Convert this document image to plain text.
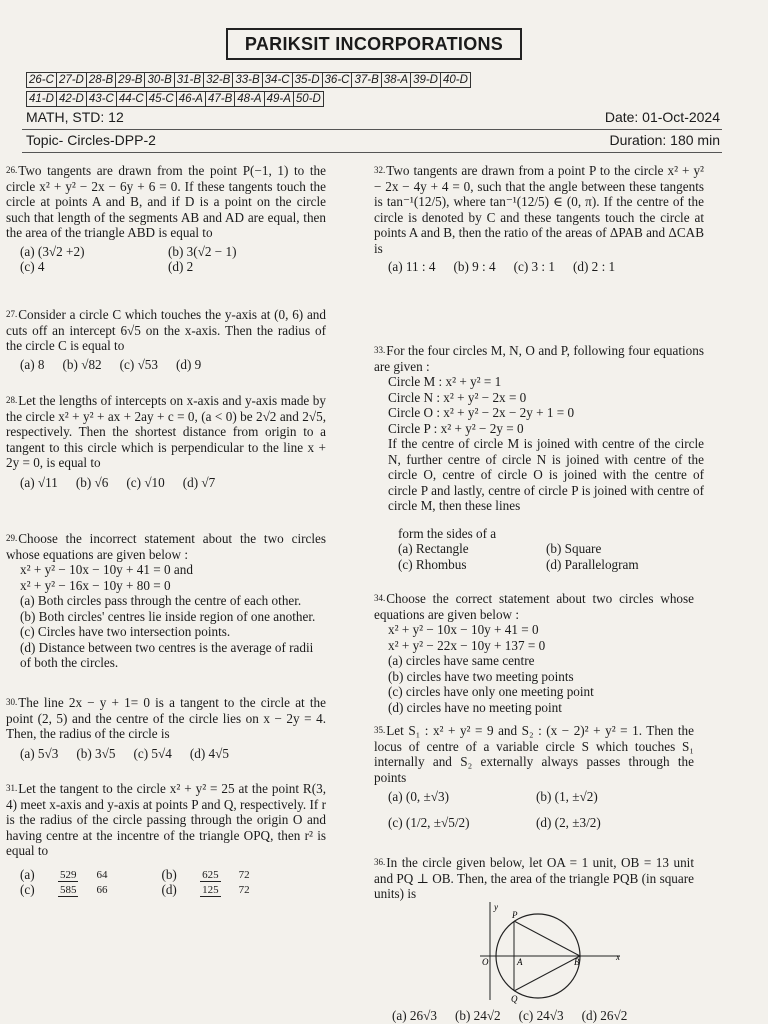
PARIKSIT INCORPORATIONS
26-C 27-D 28-B 29-B 30-B 31-B 32-B 33-B 34-C 35-D 36-C 37-B 38-A 39-D 40-D
41-D 42-D 43-C 44-C 45-C 46-A 47-B 48-A 49-A 50-D
MATH, STD: 12	Date: 01-Oct-2024
Topic- Circles-DPP-2	Duration: 180 min
$^{26.}$Two tangents are drawn from the point P(−1, 1) to the circle x² + y² − 2x − 6y + 6 = 0. If these tangents touch the circle at points A and B, and if D is a point on the circle such that length of the segments AB and AD are equal, then the area of the triangle ABD is equal to
(a) (3√2 +2)	(b) 3(√2 − 1)
(c) 4	(d) 2
$^{27.}$Consider a circle C which touches the y-axis at (0, 6) and cuts off an intercept 6√5 on the x-axis. Then the radius of the circle C is equal to
(a) 8 (b) √82 (c) √53 (d) 9
$^{28.}$Let the lengths of intercepts on x-axis and y-axis made by the circle x² + y² + ax + 2ay + c = 0, (a < 0) be 2√2 and 2√5, respectively. Then the shortest distance from origin to a tangent to this circle which is perpendicular to the line x + 2y = 0, is equal to
(a) √11 (b) √6 (c) √10 (d) √7
$^{29.}$Choose the incorrect statement about the two circles whose equations are given below :
x² + y² − 10x − 10y + 41 = 0 and
x² + y² − 16x − 10y + 80 = 0
(a) Both circles pass through the centre of each other.
(b) Both circles' centres lie inside region of one another.
(c) Circles have two intersection points.
(d) Distance between two centres is the average of radii of both the circles.
$^{30.}$The line 2x − y + 1= 0 is a tangent to the circle at the point (2, 5) and the centre of the circle lies on x − 2y = 4. Then, the radius of the circle is
(a) 5√3 (b) 3√5 (c) 5√4 (d) 4√5
$^{31.}$Let the tangent to the circle x² + y² = 25 at the point R(3, 4) meet x-axis and y-axis at points P and Q, respectively. If r is the radius of the circle passing through the origin O and having centre at the incentre of the triangle OPQ, then r² is equal to
(a) 529 64	(b) 625 72
(c) 585 66	(d) 125 72
$^{32.}$Two tangents are drawn from a point P to the circle x² + y² − 2x − 4y + 4 = 0, such that the angle between these tangents is tan⁻¹(12/5), where tan⁻¹(12/5) ∈ (0, π). If the centre of the circle is denoted by C and these tangents touch the circle at points A and B, then the ratio of the areas of ΔPAB and ΔCAB is
(a) 11 : 4 (b) 9 : 4 (c) 3 : 1 (d) 2 : 1
$^{33.}$For the four circles M, N, O and P, following four equations are given :
Circle M : x² + y² = 1
Circle N : x² + y² − 2x = 0
Circle O : x² + y² − 2x − 2y + 1 = 0
Circle P : x² + y² − 2y = 0
If the centre of circle M is joined with centre of the circle N, further centre of circle N is joined with centre of the circle O, centre of circle O is joined with the centre of circle P and lastly, centre of circle P is joined with centre of circle M, then these lines
form the sides of a
(a) Rectangle	(b) Square
(c) Rhombus	(d) Parallelogram
$^{34.}$Choose the correct statement about two circles whose equations are given below :
x² + y² − 10x − 10y + 41 = 0
x² + y² − 22x − 10y + 137 = 0
(a) circles have same centre
(b) circles have two meeting points
(c) circles have only one meeting point
(d) circles have no meeting point
$^{35.}$Let S₁ : x² + y² = 9 and S₂ : (x − 2)² + y² = 1. Then the locus of centre of a variable circle S which touches S₁ internally and S₂ externally always passes through the points
(a) (0, ±√3)	(b) (1, ±√2)
(c) (1/2, ±√5/2)	(d) (2, ±3/2)
$^{36.}$In the circle given below, let OA = 1 unit, OB = 13 unit and PQ ⊥ OB. Then, the area of the triangle PQB (in square units) is
y
P
O	A	B	x
Q
(a) 26√3 (b) 24√2 (c) 24√3 (d) 26√2
